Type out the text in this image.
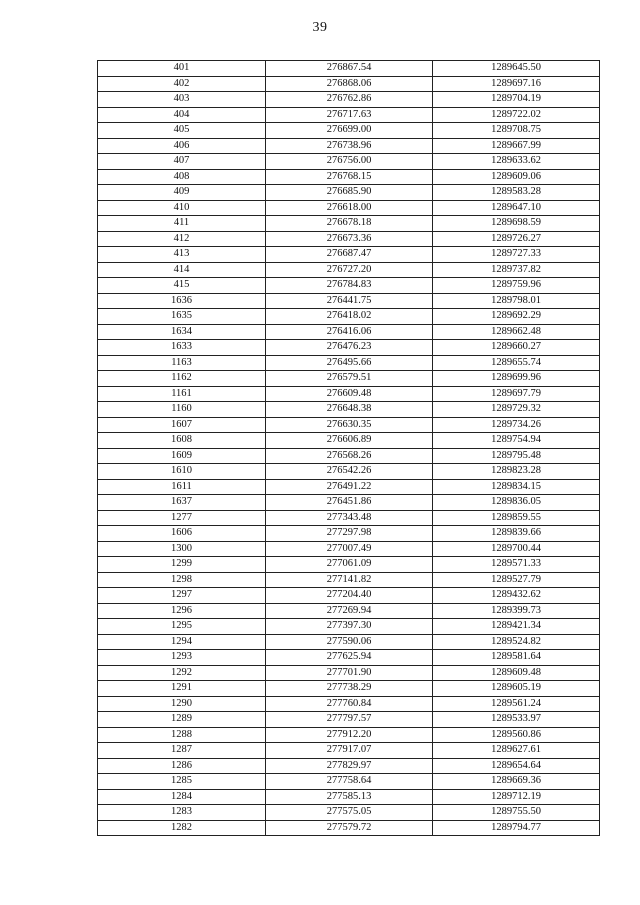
39
401	276867.54	1289645.50
402	276868.06	1289697.16
403	276762.86	1289704.19
404	276717.63	1289722.02
405	276699.00	1289708.75
406	276738.96	1289667.99
407	276756.00	1289633.62
408	276768.15	1289609.06
409	276685.90	1289583.28
410	276618.00	1289647.10
411	276678.18	1289698.59
412	276673.36	1289726.27
413	276687.47	1289727.33
414	276727.20	1289737.82
415	276784.83	1289759.96
1636	276441.75	1289798.01
1635	276418.02	1289692.29
1634	276416.06	1289662.48
1633	276476.23	1289660.27
1163	276495.66	1289655.74
1162	276579.51	1289699.96
1161	276609.48	1289697.79
1160	276648.38	1289729.32
1607	276630.35	1289734.26
1608	276606.89	1289754.94
1609	276568.26	1289795.48
1610	276542.26	1289823.28
1611	276491.22	1289834.15
1637	276451.86	1289836.05
1277	277343.48	1289859.55
1606	277297.98	1289839.66
1300	277007.49	1289700.44
1299	277061.09	1289571.33
1298	277141.82	1289527.79
1297	277204.40	1289432.62
1296	277269.94	1289399.73
1295	277397.30	1289421.34
1294	277590.06	1289524.82
1293	277625.94	1289581.64
1292	277701.90	1289609.48
1291	277738.29	1289605.19
1290	277760.84	1289561.24
1289	277797.57	1289533.97
1288	277912.20	1289560.86
1287	277917.07	1289627.61
1286	277829.97	1289654.64
1285	277758.64	1289669.36
1284	277585.13	1289712.19
1283	277575.05	1289755.50
1282	277579.72	1289794.77
